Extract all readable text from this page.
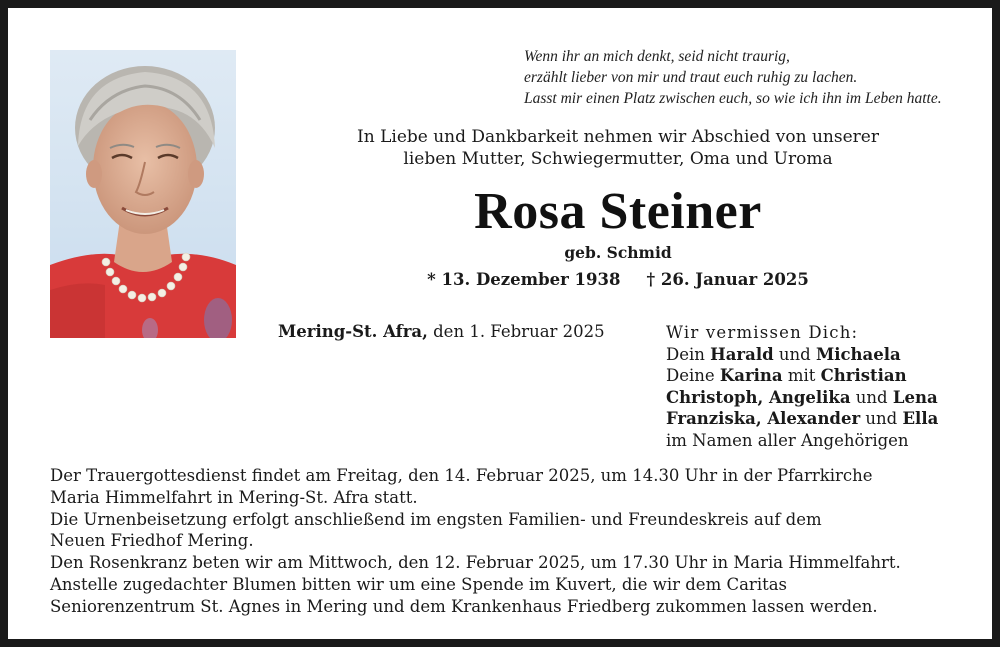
Wenn ihr an mich denkt, seid nicht traurig,
erzählt lieber von mir und traut euch ruhig zu lachen.
Lasst mir einen Platz zwischen euch, so wie ich ihn im Leben hatte.
In Liebe und Dankbarkeit nehmen wir Abschied von unserer
lieben Mutter, Schwiegermutter, Oma und Uroma
Rosa Steiner
geb. Schmid
* 13. Dezember 1938 † 26. Januar 2025
Mering-St. Afra, den 1. Februar 2025	Wir vermissen Dich:
Dein Harald und Michaela
Deine Karina mit Christian
Christoph, Angelika und Lena
Franziska, Alexander und Ella
im Namen aller Angehörigen
Der Trauergottesdienst findet am Freitag, den 14. Februar 2025, um 14.30 Uhr in der Pfarrkirche
Maria Himmelfahrt in Mering-St. Afra statt.
Die Urnenbeisetzung erfolgt anschließend im engsten Familien- und Freundeskreis auf dem
Neuen Friedhof Mering.
Den Rosenkranz beten wir am Mittwoch, den 12. Februar 2025, um 17.30 Uhr in Maria Himmelfahrt.
Anstelle zugedachter Blumen bitten wir um eine Spende im Kuvert, die wir dem Caritas
Seniorenzentrum St. Agnes in Mering und dem Krankenhaus Friedberg zukommen lassen werden.
